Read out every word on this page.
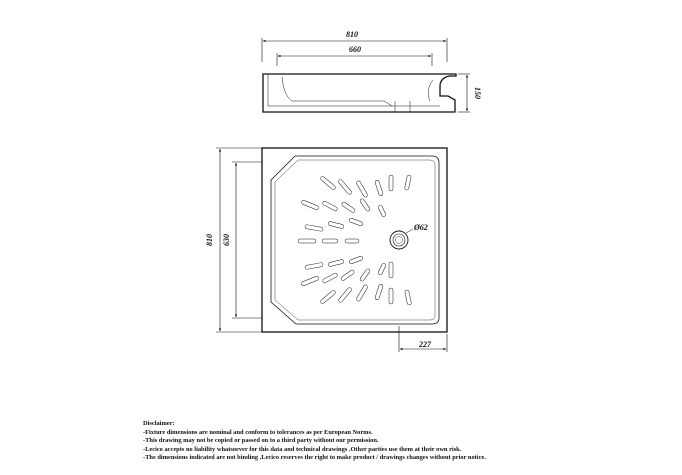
810
660
150
810 630
Ø62
227
Disclaimer:
-Fixture dimensions are nominal and conform to tolerances as per European Norms.
-This drawing may not be copied or passed on to a third party without our permission.
-Lecico accepts no liability whatsoever for this data and technical drawings .Other parties use them at their own risk.
-The dimensions indicated are not binding ,Lecico reserves the right to make product / drawings changes without prior notice.
